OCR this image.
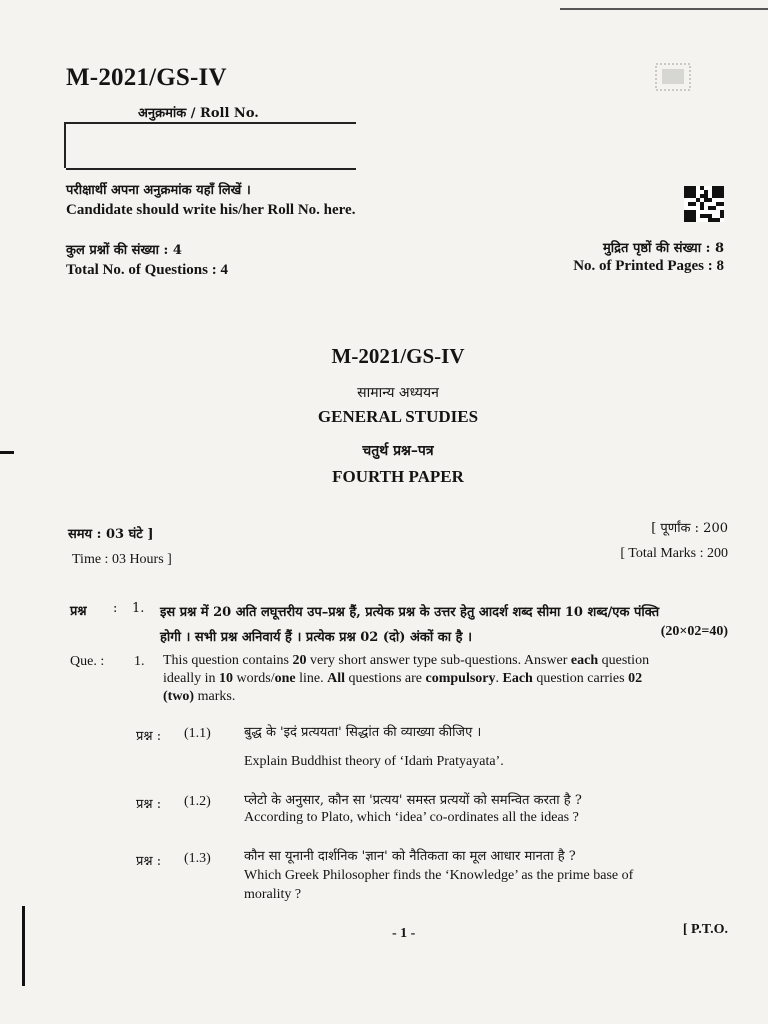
M-2021/GS-IV
अनुक्रमांक / Roll No.
परीक्षार्थी अपना अनुक्रमांक यहाँ लिखें ।
Candidate should write his/her Roll No. here.
कुल प्रश्नों की संख्या : 4
Total No. of Questions : 4
मुद्रित पृष्ठों की संख्या : 8
No. of Printed Pages : 8
M-2021/GS-IV
सामान्य अध्ययन
GENERAL STUDIES
चतुर्थ प्रश्न–पत्र
FOURTH PAPER
समय : 03 घंटे ]
Time : 03 Hours ]
[ पूर्णांक : 200
[ Total Marks : 200
प्रश्न : 1. इस प्रश्न में 20 अति लघूत्तरीय उप–प्रश्न हैं, प्रत्येक प्रश्न के उत्तर हेतु आदर्श शब्द सीमा 10 शब्द/एक पंक्ति होगी । सभी प्रश्न अनिवार्य हैं । प्रत्येक प्रश्न 02 (दो) अंकों का है ।	(20×02=40)
Que. : 1. This question contains 20 very short answer type sub-questions. Answer each question ideally in 10 words/one line. All questions are compulsory. Each question carries 02 (two) marks.
प्रश्न : (1.1)	बुद्ध के 'इदं प्रत्ययता' सिद्धांत की व्याख्या कीजिए ।
Explain Buddhist theory of ‘Idaṁ Pratyayata’.
प्रश्न : (1.2)	प्लेटो के अनुसार, कौन सा 'प्रत्यय' समस्त प्रत्ययों को समन्वित करता है ?
According to Plato, which ‘idea’ co-ordinates all the ideas ?
प्रश्न : (1.3)	कौन सा यूनानी दार्शनिक 'ज्ञान' को नैतिकता का मूल आधार मानता है ?
Which Greek Philosopher finds the ‘Knowledge’ as the prime base of morality ?
- 1 -	[ P.T.O.
